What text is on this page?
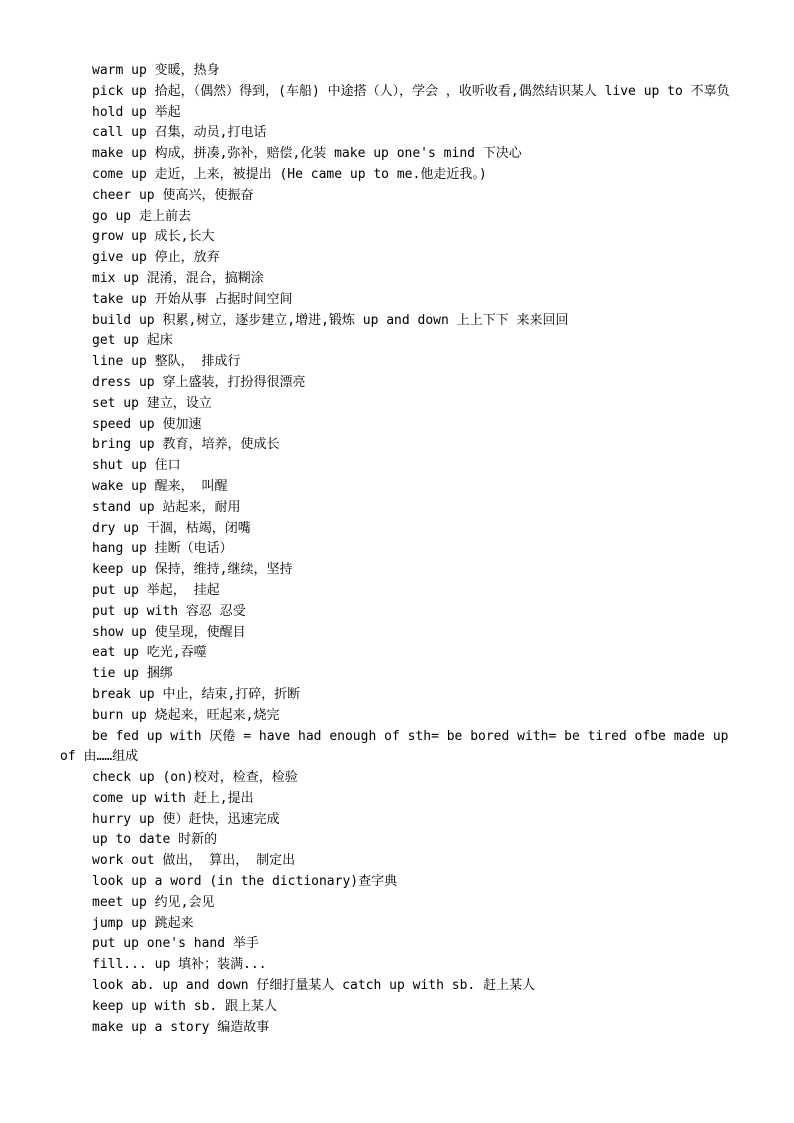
warm up 变暖，热身
pick up 拾起，（偶然）得到，(车船) 中途搭（人），学会 ，收听收看,偶然结识某人 live up to 不辜负
hold up 举起
call up 召集，动员,打电话
make up 构成，拼凑,弥补，赔偿,化装 make up one's mind 下决心
come up 走近，上来，被提出 (He came up to me.他走近我。)
cheer up 使高兴，使振奋
go up 走上前去
grow up 成长,长大
give up 停止，放弃
mix up 混淆，混合，搞糊涂
take up 开始从事 占据时间空间
build up 积累,树立，逐步建立,增进,锻炼 up and down 上上下下 来来回回
get up 起床
line up 整队， 排成行
dress up 穿上盛装，打扮得很漂亮
set up 建立，设立
speed up 使加速
bring up 教育，培养，使成长
shut up 住口
wake up 醒来， 叫醒
stand up 站起来，耐用
dry up 干涸，枯竭，闭嘴
hang up 挂断（电话）
keep up 保持，维持,继续，坚持
put up 举起， 挂起
put up with 容忍 忍受
show up 使呈现，使醒目
eat up 吃光,吞噬
tie up 捆绑
break up 中止，结束,打碎，折断
burn up 烧起来，旺起来,烧完
be fed up with 厌倦 = have had enough of sth= be bored with= be tired ofbe made up of 由……组成
check up (on)校对，检查，检验
come up with 赶上,提出
hurry up 使）赶快，迅速完成
up to date 时新的
work out 做出， 算出， 制定出
look up a word (in the dictionary)查字典
meet up 约见,会见
jump up 跳起来
put up one's hand 举手
fill... up 填补；装满...
look ab. up and down 仔细打量某人 catch up with sb. 赶上某人
keep up with sb. 跟上某人
make up a story 编造故事
